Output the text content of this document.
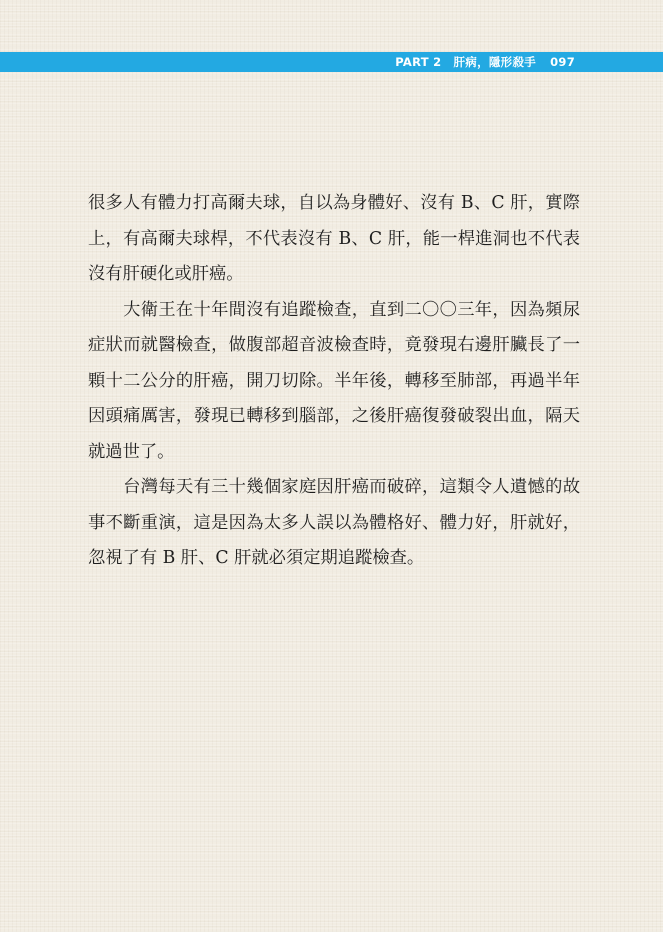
PART 2 肝病，隱形殺手 097

很多人有體力打高爾夫球，自以為身體好、沒有 B、C 肝，實際上，有高爾夫球桿，不代表沒有 B、C 肝，能一桿進洞也不代表沒有肝硬化或肝癌。

　　大衛王在十年間沒有追蹤檢查，直到二〇〇三年，因為頻尿症狀而就醫檢查，做腹部超音波檢查時，竟發現右邊肝臟長了一顆十二公分的肝癌，開刀切除。半年後，轉移至肺部，再過半年因頭痛厲害，發現已轉移到腦部，之後肝癌復發破裂出血，隔天就過世了。

　　台灣每天有三十幾個家庭因肝癌而破碎，這類令人遺憾的故事不斷重演，這是因為太多人誤以為體格好、體力好，肝就好，忽視了有 B 肝、C 肝就必須定期追蹤檢查。
